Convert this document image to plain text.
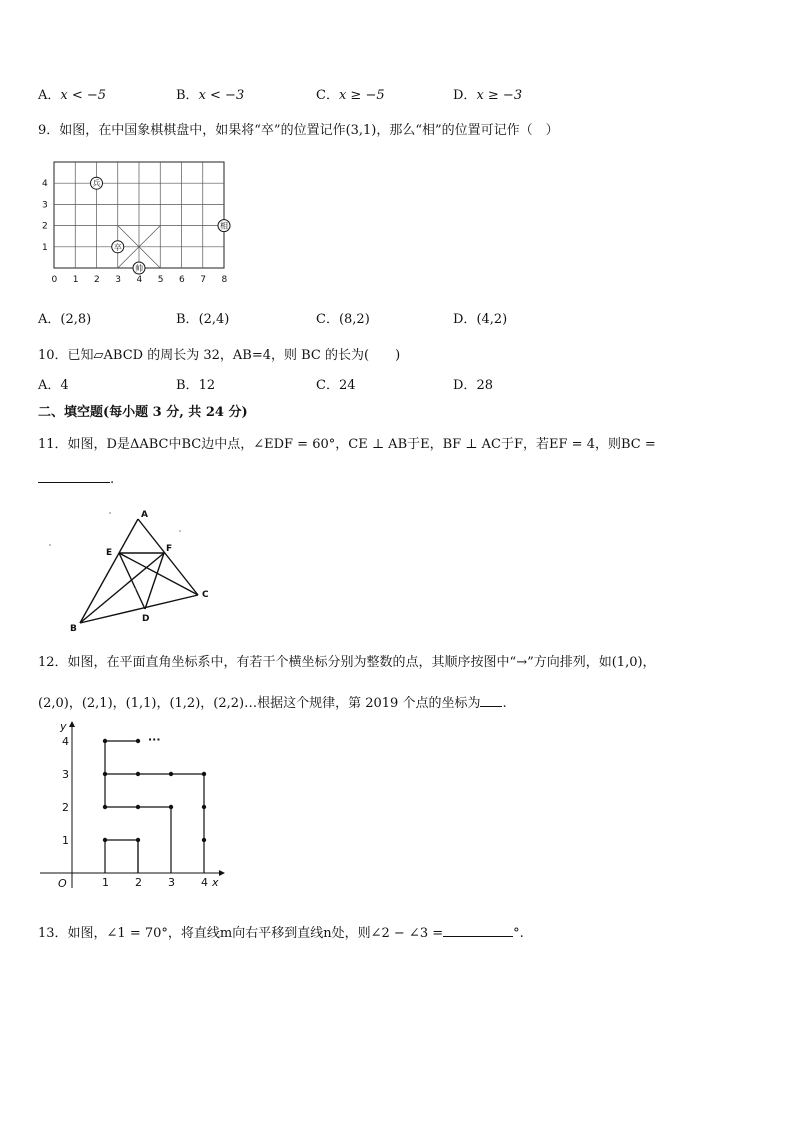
A．x < −5	B．x < −3	C．x ≥ −5	D．x ≥ −3
9．如图，在中国象棋棋盘中，如果将“卒”的位置记作(3,1)，那么“相”的位置可记作（　）
兵
相
卒
帅
0 1 2 3 4 5 6 7 8
1
2
3
4
A．(2,8)	B．(2,4)	C．(8,2)	D．(4,2)
10．已知▱ABCD 的周长为 32，AB=4，则 BC 的长为(　　)
A．4	B．12	C．24	D．28
二、填空题(每小题 3 分, 共 24 分)
11．如图，D是ΔABC中BC边中点，∠EDF = 60°，CE ⊥ AB于E，BF ⊥ AC于F，若EF = 4，则BC =
.
A
E	F
C
D
B
12．如图，在平面直角坐标系中，有若干个横坐标分别为整数的点，其顺序按图中“→”方向排列，如(1,0)，
(2,0)，(2,1)，(1,1)，(1,2)，(2,2)…根据这个规律，第 2019 个点的坐标为 .
y
x
O	1 2 3 4
1
2
3
4	···
13．如图，∠1 = 70°，将直线m向右平移到直线n处，则∠2 − ∠3 =	°.
